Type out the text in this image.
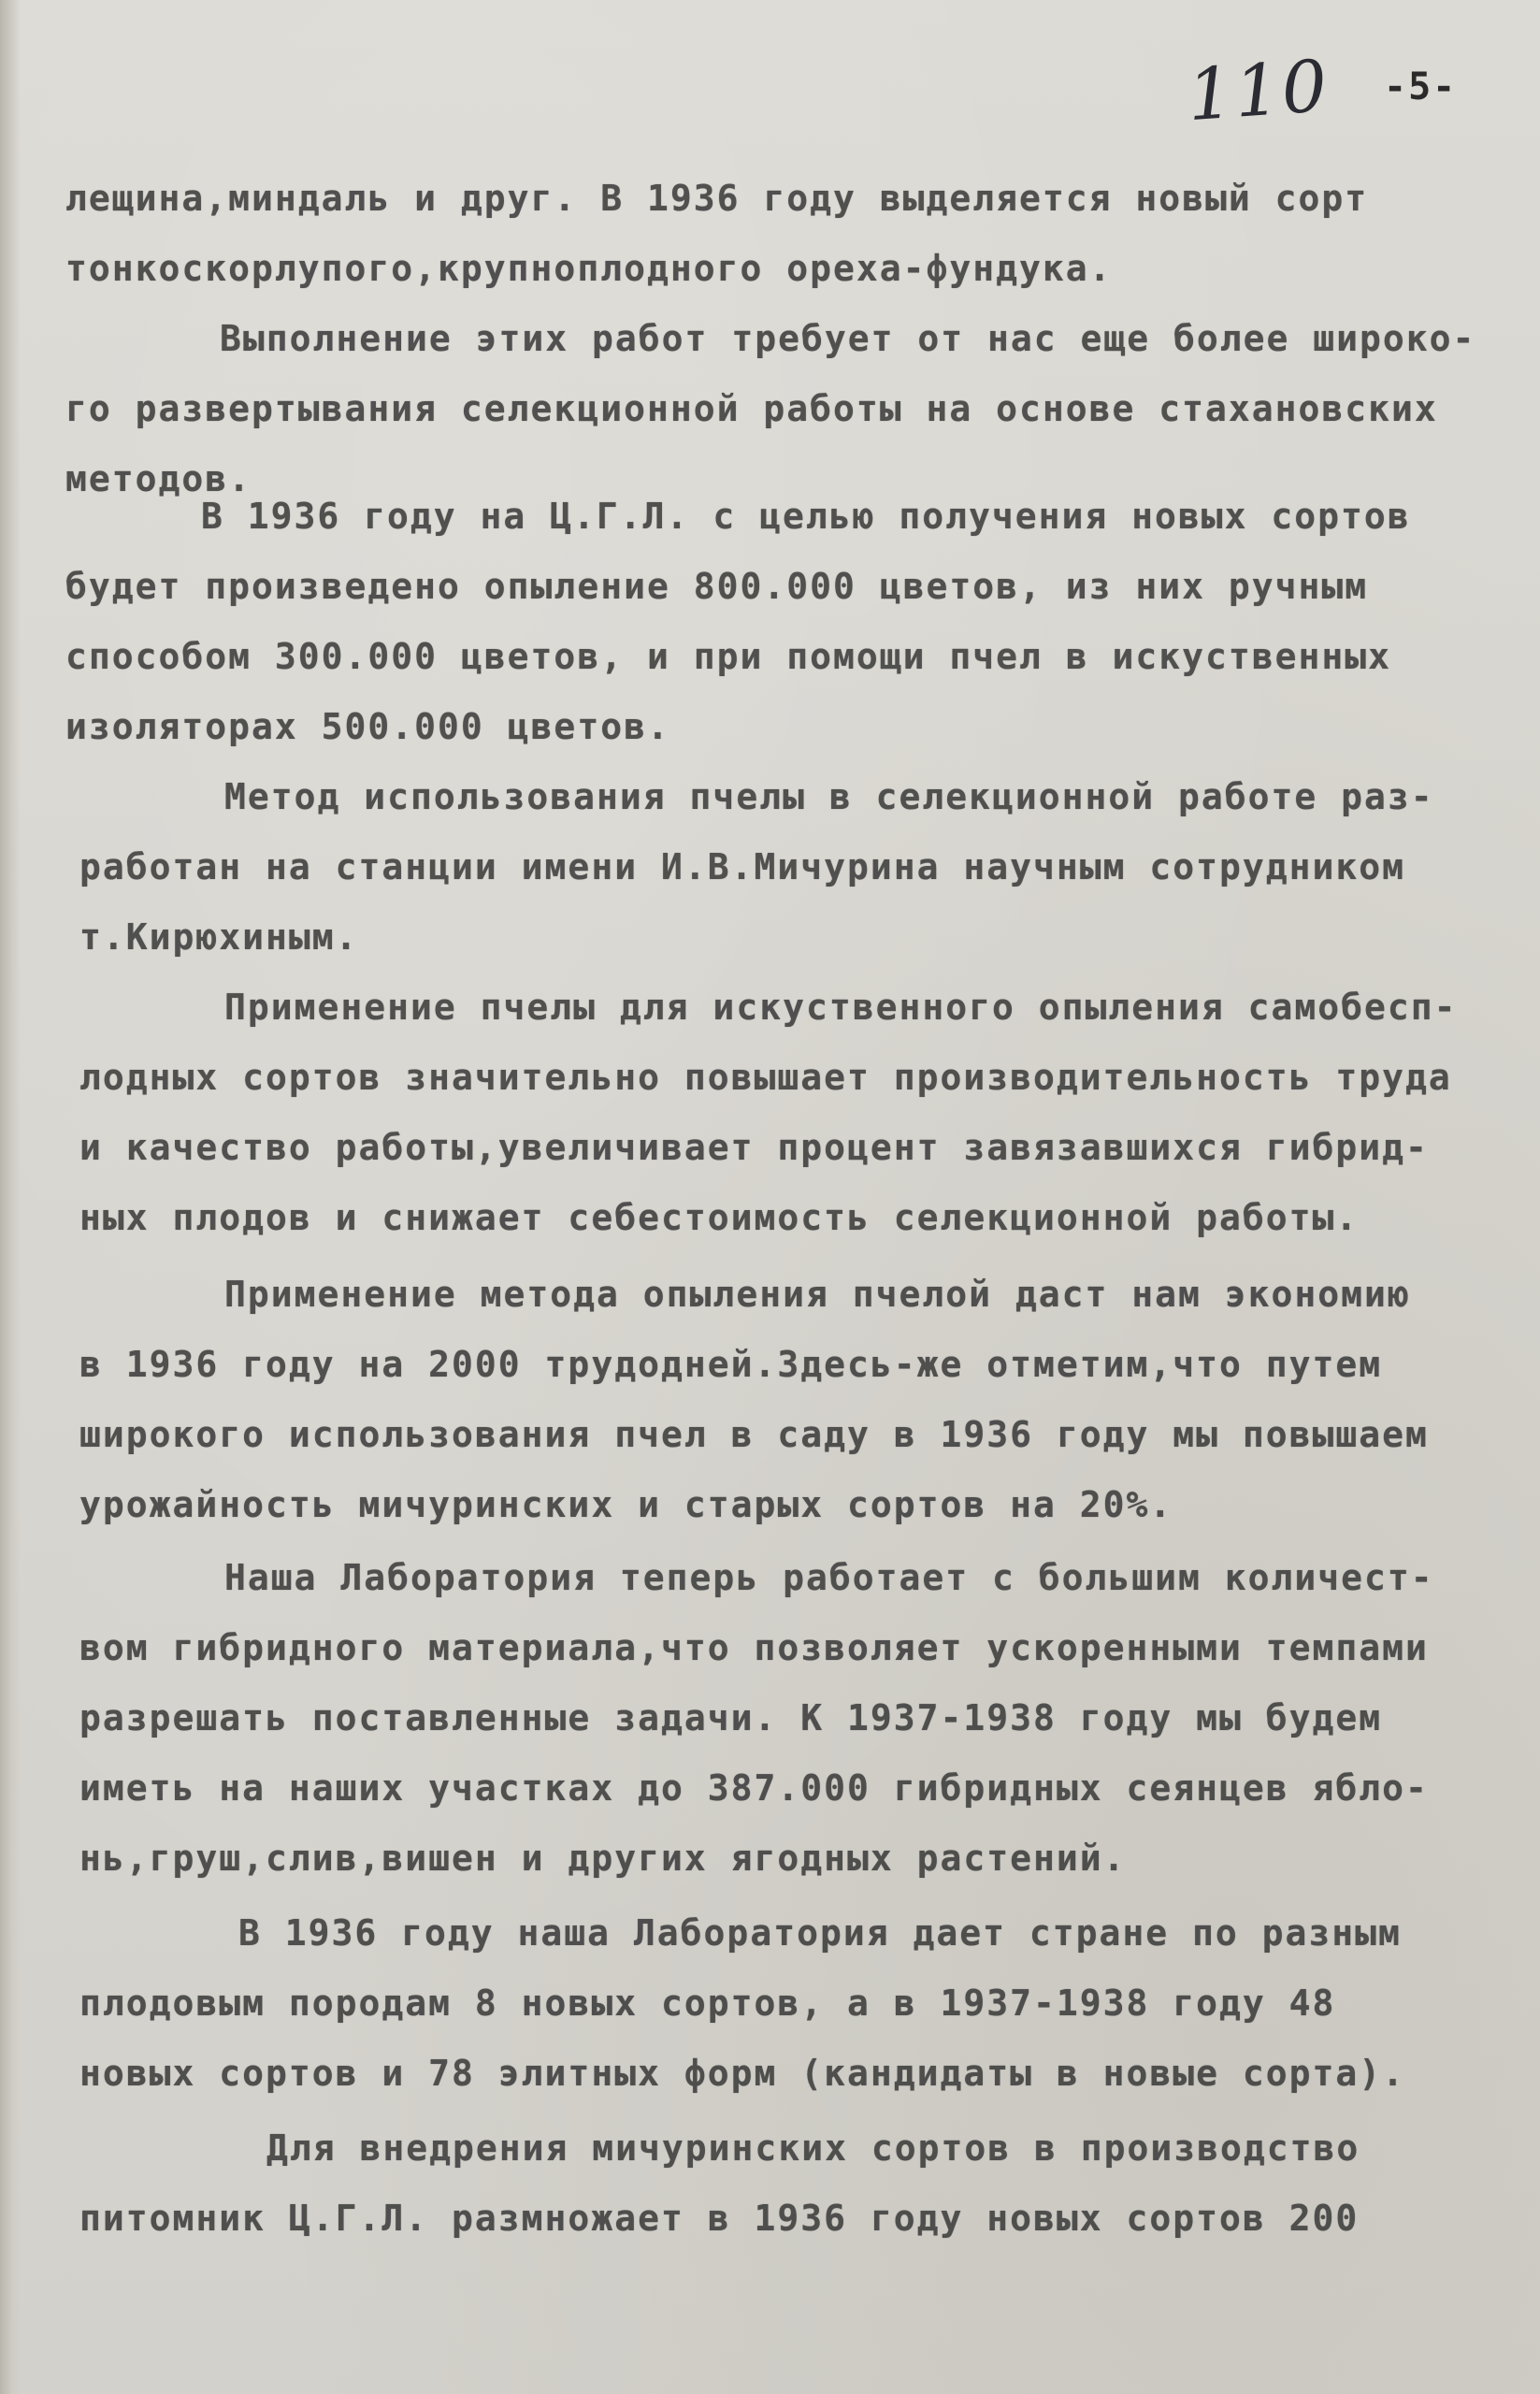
110 -5-
лещина,миндаль и друг. В 1936 году выделяется новый сорт
тонкоскорлупого,крупноплодного ореха-фундука.
Выполнение этих работ требует от нас еще более широко-
го развертывания селекционной работы на основе стахановских
методов.
В 1936 году на Ц.Г.Л. с целью получения новых сортов
будет произведено опыление 800.000 цветов, из них ручным
способом 300.000 цветов, и при помощи пчел в искуственных
изоляторах 500.000 цветов.
Метод использования пчелы в селекционной работе раз-
работан на станции имени И.В.Мичурина научным сотрудником
т.Кирюхиным.
Применение пчелы для искуственного опыления самобесп-
лодных сортов значительно повышает производительность труда
и качество работы,увеличивает процент завязавшихся гибрид-
ных плодов и снижает себестоимость селекционной работы.
Применение метода опыления пчелой даст нам экономию
в 1936 году на 2000 трудодней.Здесь-же отметим,что путем
широкого использования пчел в саду в 1936 году мы повышаем
урожайность мичуринских и старых сортов на 20%.
Наша Лаборатория теперь работает с большим количест-
вом гибридного материала,что позволяет ускоренными темпами
разрешать поставленные задачи. К 1937-1938 году мы будем
иметь на наших участках до 387.000 гибридных сеянцев ябло-
нь,груш,слив,вишен и других ягодных растений.
В 1936 году наша Лаборатория дает стране по разным
плодовым породам 8 новых сортов, а в 1937-1938 году 48
новых сортов и 78 элитных форм (кандидаты в новые сорта).
Для внедрения мичуринских сортов в производство
питомник Ц.Г.Л. размножает в 1936 году новых сортов 200
